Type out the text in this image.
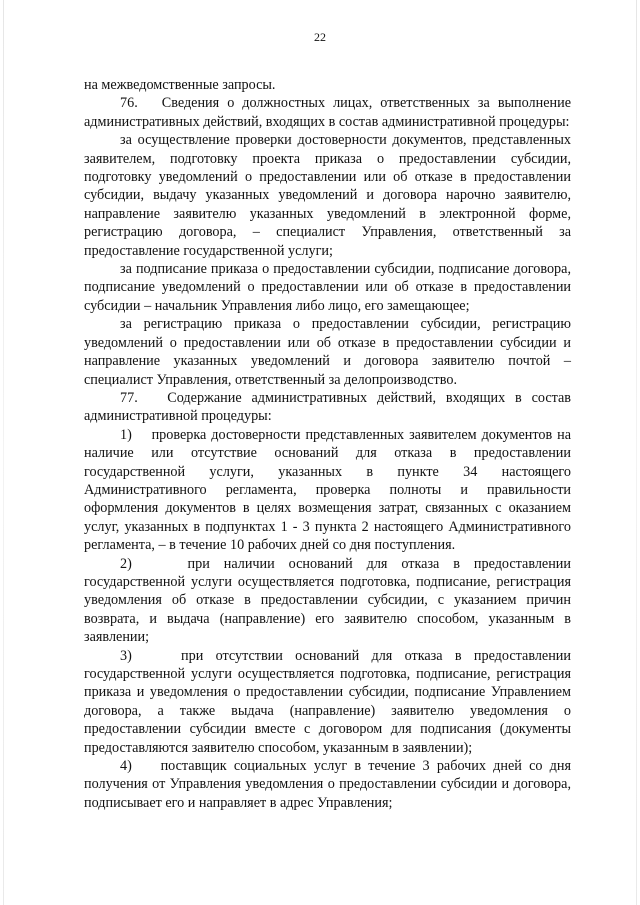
22

на межведомственные запросы.

76.   Сведения о должностных лицах, ответственных за выполнение административных действий, входящих в состав административной процедуры:

за осуществление проверки достоверности документов, представленных заявителем, подготовку проекта приказа о предоставлении субсидии, подготовку уведомлений о предоставлении или об отказе в предоставлении субсидии, выдачу указанных уведомлений и договора нарочно заявителю, направление заявителю указанных уведомлений в электронной форме, регистрацию договора, – специалист Управления, ответственный за предоставление государственной услуги;

за подписание приказа о предоставлении субсидии, подписание договора, подписание уведомлений о предоставлении или об отказе в предоставлении субсидии – начальник Управления либо лицо, его замещающее;

за регистрацию приказа о предоставлении субсидии, регистрацию уведомлений о предоставлении или об отказе в предоставлении субсидии и направление указанных уведомлений и договора заявителю почтой – специалист Управления, ответственный за делопроизводство.

77.   Содержание административных действий, входящих в состав административной процедуры:

1)    проверка достоверности представленных заявителем документов на наличие или отсутствие оснований для отказа в предоставлении государственной услуги, указанных в пункте 34 настоящего Административного регламента, проверка полноты и правильности оформления документов в целях возмещения затрат, связанных с оказанием услуг, указанных в подпунктах 1 - 3 пункта 2 настоящего Административного регламента, – в течение 10 рабочих дней со дня поступления.

2)    при наличии оснований для отказа в предоставлении государственной услуги осуществляется подготовка, подписание, регистрация уведомления об отказе в предоставлении субсидии, с указанием причин возврата, и выдача (направление) его заявителю способом, указанным в заявлении;

3)    при отсутствии оснований для отказа в предоставлении государственной услуги осуществляется подготовка, подписание, регистрация приказа и уведомления о предоставлении субсидии, подписание Управлением договора, а также выдача (направление) заявителю уведомления о предоставлении субсидии вместе с договором для подписания (документы предоставляются заявителю способом, указанным в заявлении);

4)    поставщик социальных услуг в течение 3 рабочих дней со дня получения от Управления уведомления о предоставлении субсидии и договора, подписывает его и направляет в адрес Управления;
